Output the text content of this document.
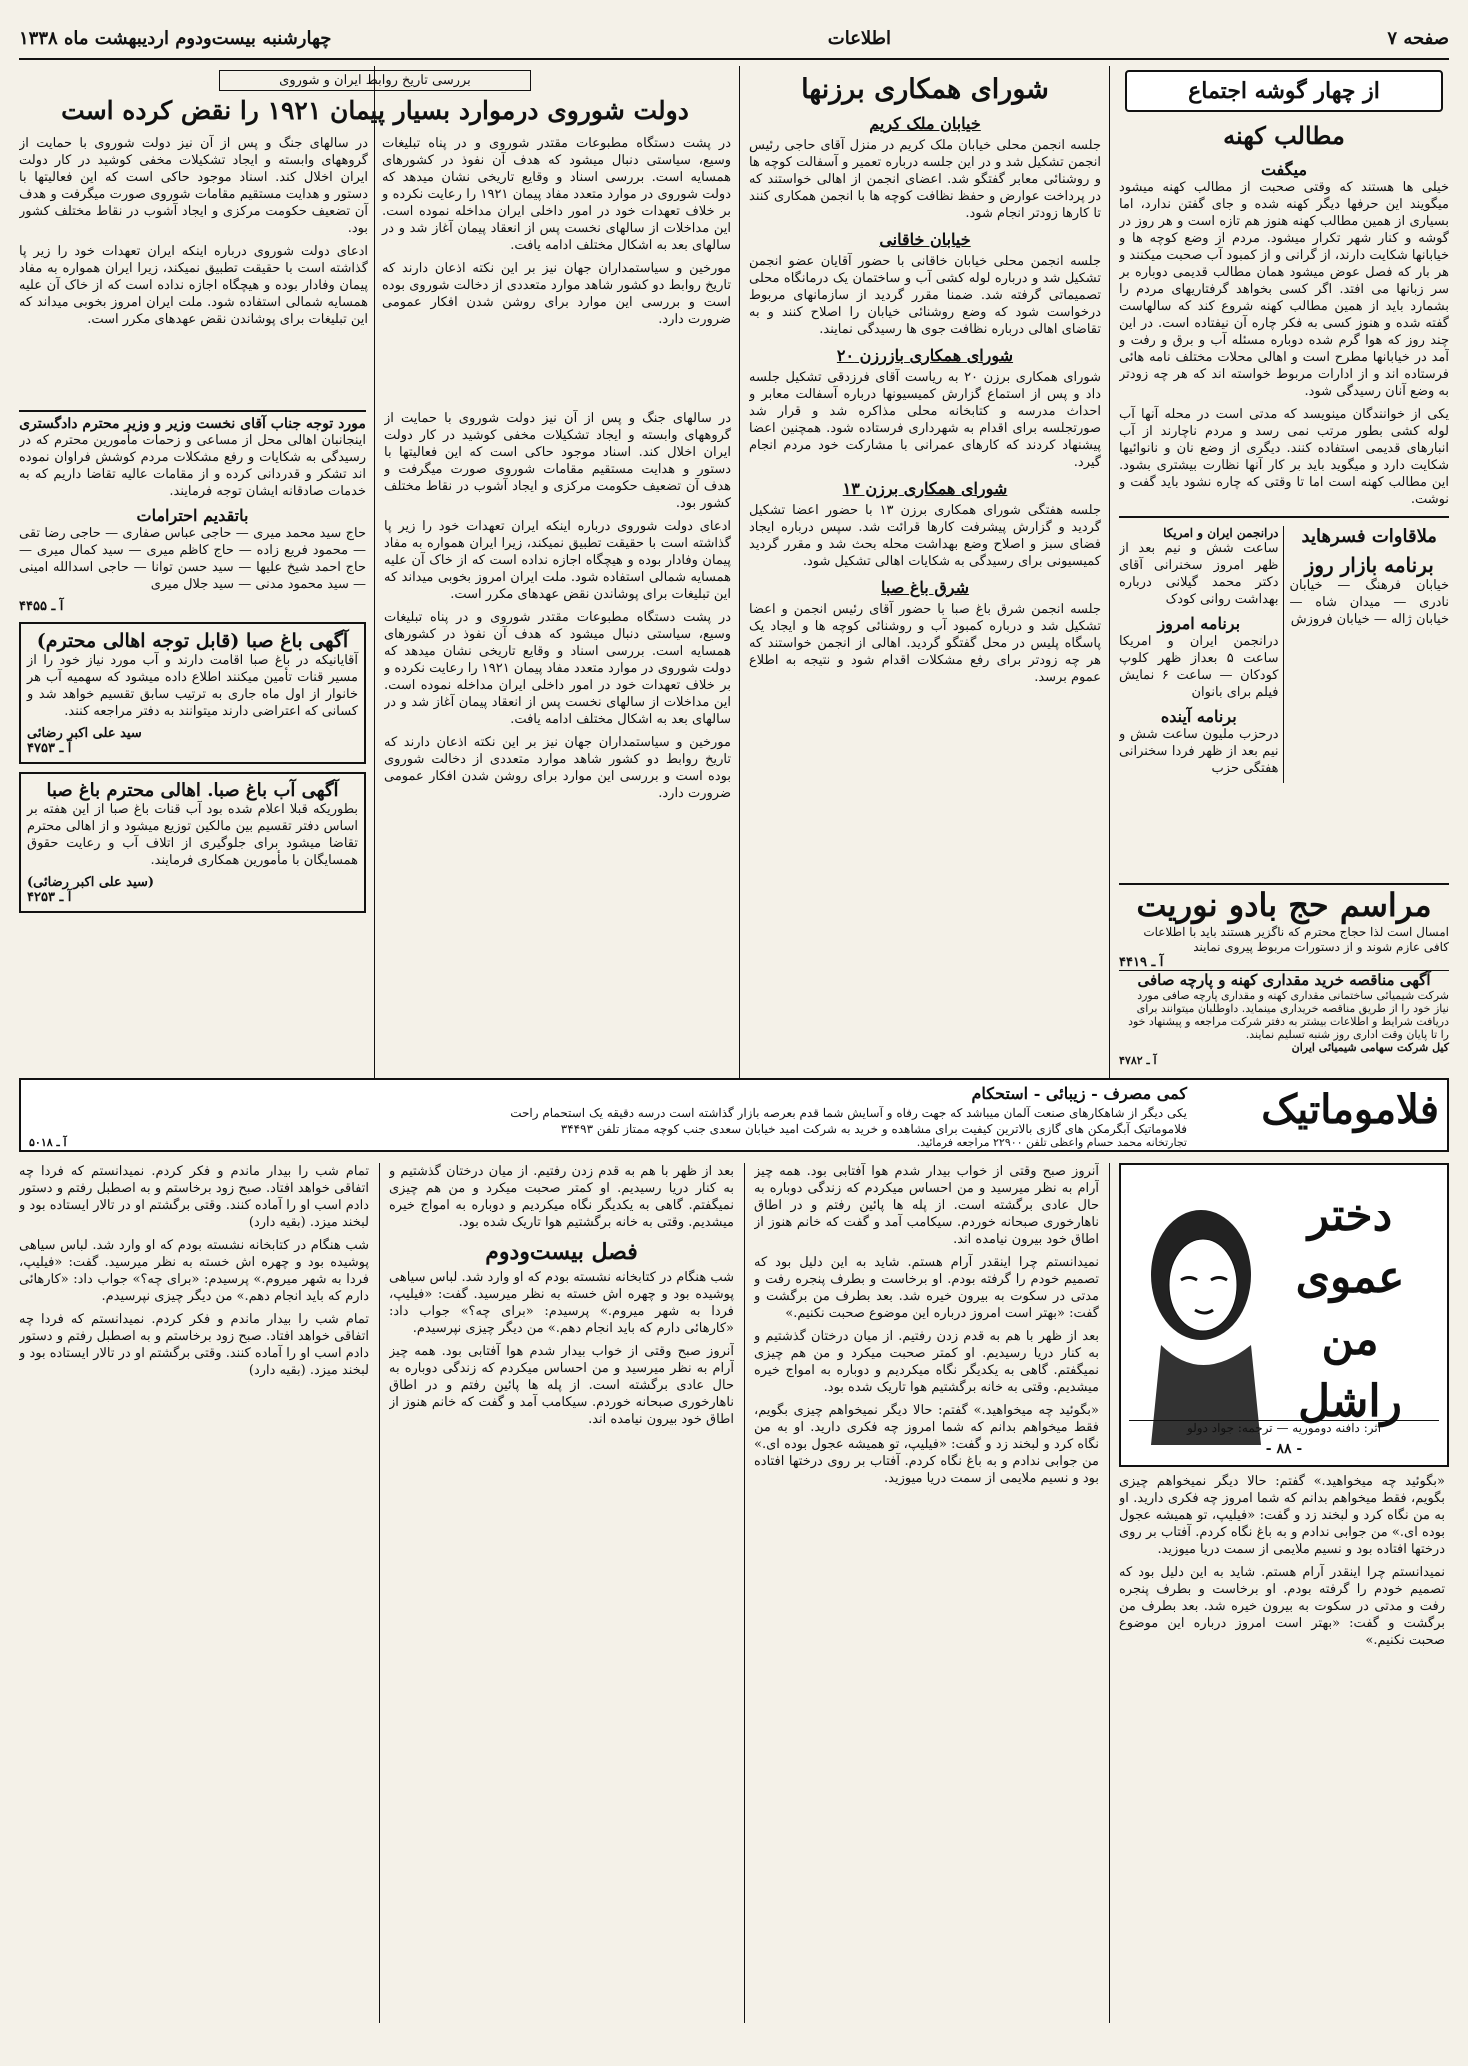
صفحه ۷
اطلاعات
چهارشنبه بیست‌ودوم اردیبهشت ماه ۱۳۳۸
از چهار گوشه اجتماع
مطالب کهنه
میگفت

خیلی ها هستند که وقتی صحبت از مطالب کهنه میشود میگویند این حرفها دیگر کهنه شده و جای گفتن ندارد، اما بسیاری از همین مطالب کهنه هنوز هم تازه است و هر روز در گوشه و کنار شهر تکرار میشود. مردم از وضع کوچه ها و خیابانها شکایت دارند، از گرانی و از کمبود آب صحبت میکنند و هر بار که فصل عوض میشود همان مطالب قدیمی دوباره بر سر زبانها می افتد. اگر کسی بخواهد گرفتاریهای مردم را بشمارد باید از همین مطالب کهنه شروع کند که سالهاست گفته شده و هنوز کسی به فکر چاره آن نیفتاده است. در این چند روز که هوا گرم شده دوباره مسئله آب و برق و رفت و آمد در خیابانها مطرح است و اهالی محلات مختلف نامه هائی فرستاده اند و از ادارات مربوط خواسته اند که هر چه زودتر به وضع آنان رسیدگی شود.

یکی از خوانندگان مینویسد که مدتی است در محله آنها آب لوله کشی بطور مرتب نمی رسد و مردم ناچارند از آب انبارهای قدیمی استفاده کنند. دیگری از وضع نان و نانوائیها شکایت دارد و میگوید باید بر کار آنها نظارت بیشتری بشود. این مطالب کهنه است اما تا وقتی که چاره نشود باید گفت و نوشت.

ملاقاوات فسرهاید
برنامه بازار روز

خیابان فرهنگ — خیابان نادری — میدان شاه — خیابان ژاله — خیابان فروزش

درانجمن ایران و امریکا

ساعت شش و نیم بعد از ظهر امروز سخنرانی آقای دکتر محمد گیلانی درباره بهداشت روانی کودک

برنامه امروز

درانجمن ایران و امریکا ساعت ۵ بعداز ظهر کلوپ کودکان — ساعت ۶ نمایش فیلم برای بانوان

برنامه آینده

درحزب ملیون ساعت شش و نیم بعد از ظهر فردا سخنرانی هفتگی حزب

شورای همکاری برزنها
خیابان ملک کریم

جلسه انجمن محلی خیابان ملک کریم در منزل آقای حاجی رئیس انجمن تشکیل شد و در این جلسه درباره تعمیر و آسفالت کوچه ها و روشنائی معابر گفتگو شد. اعضای انجمن از اهالی خواستند که در پرداخت عوارض و حفظ نظافت کوچه ها با انجمن همکاری کنند تا کارها زودتر انجام شود.

خیابان خاقانی

جلسه انجمن محلی خیابان خاقانی با حضور آقایان عضو انجمن تشکیل شد و درباره لوله کشی آب و ساختمان یک درمانگاه محلی تصمیماتی گرفته شد. ضمنا مقرر گردید از سازمانهای مربوط درخواست شود که وضع روشنائی خیابان را اصلاح کنند و به تقاضای اهالی درباره نظافت جوی ها رسیدگی نمایند.

شورای همکاری بازرزن ۲۰

شورای همکاری برزن ۲۰ به ریاست آقای فرزدقی تشکیل جلسه داد و پس از استماع گزارش کمیسیونها درباره آسفالت معابر و احداث مدرسه و کتابخانه محلی مذاکره شد و قرار شد صورتجلسه برای اقدام به شهرداری فرستاده شود. همچنین اعضا پیشنهاد کردند که کارهای عمرانی با مشارکت خود مردم انجام گیرد.

شورای همکاری برزن ۱۳

جلسه هفتگی شورای همکاری برزن ۱۳ با حضور اعضا تشکیل گردید و گزارش پیشرفت کارها قرائت شد. سپس درباره ایجاد فضای سبز و اصلاح وضع بهداشت محله بحث شد و مقرر گردید کمیسیونی برای رسیدگی به شکایات اهالی تشکیل شود.

شرق باغ صبا

جلسه انجمن شرق باغ صبا با حضور آقای رئیس انجمن و اعضا تشکیل شد و درباره کمبود آب و روشنائی کوچه ها و ایجاد یک پاسگاه پلیس در محل گفتگو گردید. اهالی از انجمن خواستند که هر چه زودتر برای رفع مشکلات اقدام شود و نتیجه به اطلاع عموم برسد.

بررسی تاریخ روابط ایران و شوروی
دولت شوروی درموارد بسیار پیمان ۱۹۲۱ را نقض کرده است

در پشت دستگاه مطبوعات مقتدر شوروی و در پناه تبلیغات وسیع، سیاستی دنبال میشود که هدف آن نفوذ در کشورهای همسایه است. بررسی اسناد و وقایع تاریخی نشان میدهد که دولت شوروی در موارد متعدد مفاد پیمان ۱۹۲۱ را رعایت نکرده و بر خلاف تعهدات خود در امور داخلی ایران مداخله نموده است. این مداخلات از سالهای نخست پس از انعقاد پیمان آغاز شد و در سالهای بعد به اشکال مختلف ادامه یافت.

مورخین و سیاستمداران جهان نیز بر این نکته اذعان دارند که تاریخ روابط دو کشور شاهد موارد متعددی از دخالت شوروی بوده است و بررسی این موارد برای روشن شدن افکار عمومی ضرورت دارد.

در سالهای جنگ و پس از آن نیز دولت شوروی با حمایت از گروههای وابسته و ایجاد تشکیلات مخفی کوشید در کار دولت ایران اخلال کند. اسناد موجود حاکی است که این فعالیتها با دستور و هدایت مستقیم مقامات شوروی صورت میگرفت و هدف آن تضعیف حکومت مرکزی و ایجاد آشوب در نقاط مختلف کشور بود.

ادعای دولت شوروی درباره اینکه ایران تعهدات خود را زیر پا گذاشته است با حقیقت تطبیق نمیکند، زیرا ایران همواره به مفاد پیمان وفادار بوده و هیچگاه اجازه نداده است که از خاک آن علیه همسایه شمالی استفاده شود. ملت ایران امروز بخوبی میداند که این تبلیغات برای پوشاندن نقض عهدهای مکرر است.

در سالهای جنگ و پس از آن نیز دولت شوروی با حمایت از گروههای وابسته و ایجاد تشکیلات مخفی کوشید در کار دولت ایران اخلال کند. اسناد موجود حاکی است که این فعالیتها با دستور و هدایت مستقیم مقامات شوروی صورت میگرفت و هدف آن تضعیف حکومت مرکزی و ایجاد آشوب در نقاط مختلف کشور بود.

ادعای دولت شوروی درباره اینکه ایران تعهدات خود را زیر پا گذاشته است با حقیقت تطبیق نمیکند، زیرا ایران همواره به مفاد پیمان وفادار بوده و هیچگاه اجازه نداده است که از خاک آن علیه همسایه شمالی استفاده شود. ملت ایران امروز بخوبی میداند که این تبلیغات برای پوشاندن نقض عهدهای مکرر است.

در پشت دستگاه مطبوعات مقتدر شوروی و در پناه تبلیغات وسیع، سیاستی دنبال میشود که هدف آن نفوذ در کشورهای همسایه است. بررسی اسناد و وقایع تاریخی نشان میدهد که دولت شوروی در موارد متعدد مفاد پیمان ۱۹۲۱ را رعایت نکرده و بر خلاف تعهدات خود در امور داخلی ایران مداخله نموده است. این مداخلات از سالهای نخست پس از انعقاد پیمان آغاز شد و در سالهای بعد به اشکال مختلف ادامه یافت.

مورخین و سیاستمداران جهان نیز بر این نکته اذعان دارند که تاریخ روابط دو کشور شاهد موارد متعددی از دخالت شوروی بوده است و بررسی این موارد برای روشن شدن افکار عمومی ضرورت دارد.

مورد توجه جناب آقای نخست وزیر و وزیر محترم دادگستری

اینجانبان اهالی محل از مساعی و زحمات مأمورین محترم که در رسیدگی به شکایات و رفع مشکلات مردم کوشش فراوان نموده اند تشکر و قدردانی کرده و از مقامات عالیه تقاضا داریم که به خدمات صادقانه ایشان توجه فرمایند.

باتقدیم احترامات

حاج سید محمد میری — حاجی عباس صفاری — حاجی رضا تقی — محمود فریع زاده — حاج کاظم میری — سید کمال میری — حاج احمد شیخ علیها — سید حسن توانا — حاجی اسدالله امینی — سید محمود مدنی — سید جلال میری

آ ـ ۴۴۵۵
آگهی باغ صبا (قابل توجه اهالی محترم)

آقایانیکه در باغ صبا اقامت دارند و آب مورد نیاز خود را از مسیر قنات تأمین میکنند اطلاع داده میشود که سهمیه آب هر خانوار از اول ماه جاری به ترتیب سابق تقسیم خواهد شد و کسانی که اعتراضی دارند میتوانند به دفتر مراجعه کنند.

سید علی اکبر رضائی
آ ـ ۴۷۵۳
آگهی آب باغ صبا. اهالی محترم باغ صبا

بطوریکه قبلا اعلام شده بود آب قنات باغ صبا از این هفته بر اساس دفتر تقسیم بین مالکین توزیع میشود و از اهالی محترم تقاضا میشود برای جلوگیری از اتلاف آب و رعایت حقوق همسایگان با مأمورین همکاری فرمایند.

(سید علی اکبر رضائی)
آ ـ ۴۲۵۳
فلاموماتیک
کمی مصرف - زیبائی - استحکام
یکی دیگر از شاهکارهای صنعت آلمان میباشد که جهت رفاه و آسایش شما قدم بعرصه بازار گذاشته است درسه دقیقه یک استحمام راحت
فلاموماتیک آبگرمکن های گازی بالاترین کیفیت برای مشاهده و خرید به شرکت امید خیابان سعدی جنب کوچه ممتاز تلفن ۳۴۴۹۳
تجارتخانه محمد حسام واعظی تلفن ۲۲۹۰۰ مراجعه فرمائید.
آ ـ ۵۰۱۸
مراسم حج بادو نوریت

امسال است لذا حجاج محترم که ناگزیر هستند باید با اطلاعات کافی عازم شوند و از دستورات مربوط پیروی نمایند

آ ـ ۴۴۱۹
آگهی مناقصه خرید مقداری کهنه و پارچه صافی

شرکت شیمیائی ساختمانی مقداری کهنه و مقداری پارچه صافی مورد نیاز خود را از طریق مناقصه خریداری مینماید. داوطلبان میتوانند برای دریافت شرایط و اطلاعات بیشتر به دفتر شرکت مراجعه و پیشنهاد خود را تا پایان وقت اداری روز شنبه تسلیم نمایند.

کیل شرکت سهامی شیمیائی ایران
آ ـ ۴۷۸۲
دختر عموی من راشل
اثر: دافنه دوموریه — ترجمه: جواد دولو
- ۸۸ -

«بگوئید چه میخواهید.» گفتم: حالا دیگر نمیخواهم چیزی بگویم، فقط میخواهم بدانم که شما امروز چه فکری دارید. او به من نگاه کرد و لبخند زد و گفت: «فیلیپ، تو همیشه عجول بوده ای.» من جوابی ندادم و به باغ نگاه کردم. آفتاب بر روی درختها افتاده بود و نسیم ملایمی از سمت دریا میوزید.

نمیدانستم چرا اینقدر آرام هستم. شاید به این دلیل بود که تصمیم خودم را گرفته بودم. او برخاست و بطرف پنجره رفت و مدتی در سکوت به بیرون خیره شد. بعد بطرف من برگشت و گفت: «بهتر است امروز درباره این موضوع صحبت نکنیم.»

آنروز صبح وقتی از خواب بیدار شدم هوا آفتابی بود. همه چیز آرام به نظر میرسید و من احساس میکردم که زندگی دوباره به حال عادی برگشته است. از پله ها پائین رفتم و در اطاق ناهارخوری صبحانه خوردم. سیکامب آمد و گفت که خانم هنوز از اطاق خود بیرون نیامده اند.

نمیدانستم چرا اینقدر آرام هستم. شاید به این دلیل بود که تصمیم خودم را گرفته بودم. او برخاست و بطرف پنجره رفت و مدتی در سکوت به بیرون خیره شد. بعد بطرف من برگشت و گفت: «بهتر است امروز درباره این موضوع صحبت نکنیم.»

بعد از ظهر با هم به قدم زدن رفتیم. از میان درختان گذشتیم و به کنار دریا رسیدیم. او کمتر صحبت میکرد و من هم چیزی نمیگفتم. گاهی به یکدیگر نگاه میکردیم و دوباره به امواج خیره میشدیم. وقتی به خانه برگشتیم هوا تاریک شده بود.

«بگوئید چه میخواهید.» گفتم: حالا دیگر نمیخواهم چیزی بگویم، فقط میخواهم بدانم که شما امروز چه فکری دارید. او به من نگاه کرد و لبخند زد و گفت: «فیلیپ، تو همیشه عجول بوده ای.» من جوابی ندادم و به باغ نگاه کردم. آفتاب بر روی درختها افتاده بود و نسیم ملایمی از سمت دریا میوزید.

بعد از ظهر با هم به قدم زدن رفتیم. از میان درختان گذشتیم و به کنار دریا رسیدیم. او کمتر صحبت میکرد و من هم چیزی نمیگفتم. گاهی به یکدیگر نگاه میکردیم و دوباره به امواج خیره میشدیم. وقتی به خانه برگشتیم هوا تاریک شده بود.

فصل بیست‌ودوم

شب هنگام در کتابخانه نشسته بودم که او وارد شد. لباس سیاهی پوشیده بود و چهره اش خسته به نظر میرسید. گفت: «فیلیپ، فردا به شهر میروم.» پرسیدم: «برای چه؟» جواب داد: «کارهائی دارم که باید انجام دهم.» من دیگر چیزی نپرسیدم.

آنروز صبح وقتی از خواب بیدار شدم هوا آفتابی بود. همه چیز آرام به نظر میرسید و من احساس میکردم که زندگی دوباره به حال عادی برگشته است. از پله ها پائین رفتم و در اطاق ناهارخوری صبحانه خوردم. سیکامب آمد و گفت که خانم هنوز از اطاق خود بیرون نیامده اند.

تمام شب را بیدار ماندم و فکر کردم. نمیدانستم که فردا چه اتفاقی خواهد افتاد. صبح زود برخاستم و به اصطبل رفتم و دستور دادم اسب او را آماده کنند. وقتی برگشتم او در تالار ایستاده بود و لبخند میزد. (بقیه دارد)

شب هنگام در کتابخانه نشسته بودم که او وارد شد. لباس سیاهی پوشیده بود و چهره اش خسته به نظر میرسید. گفت: «فیلیپ، فردا به شهر میروم.» پرسیدم: «برای چه؟» جواب داد: «کارهائی دارم که باید انجام دهم.» من دیگر چیزی نپرسیدم.

تمام شب را بیدار ماندم و فکر کردم. نمیدانستم که فردا چه اتفاقی خواهد افتاد. صبح زود برخاستم و به اصطبل رفتم و دستور دادم اسب او را آماده کنند. وقتی برگشتم او در تالار ایستاده بود و لبخند میزد. (بقیه دارد)
